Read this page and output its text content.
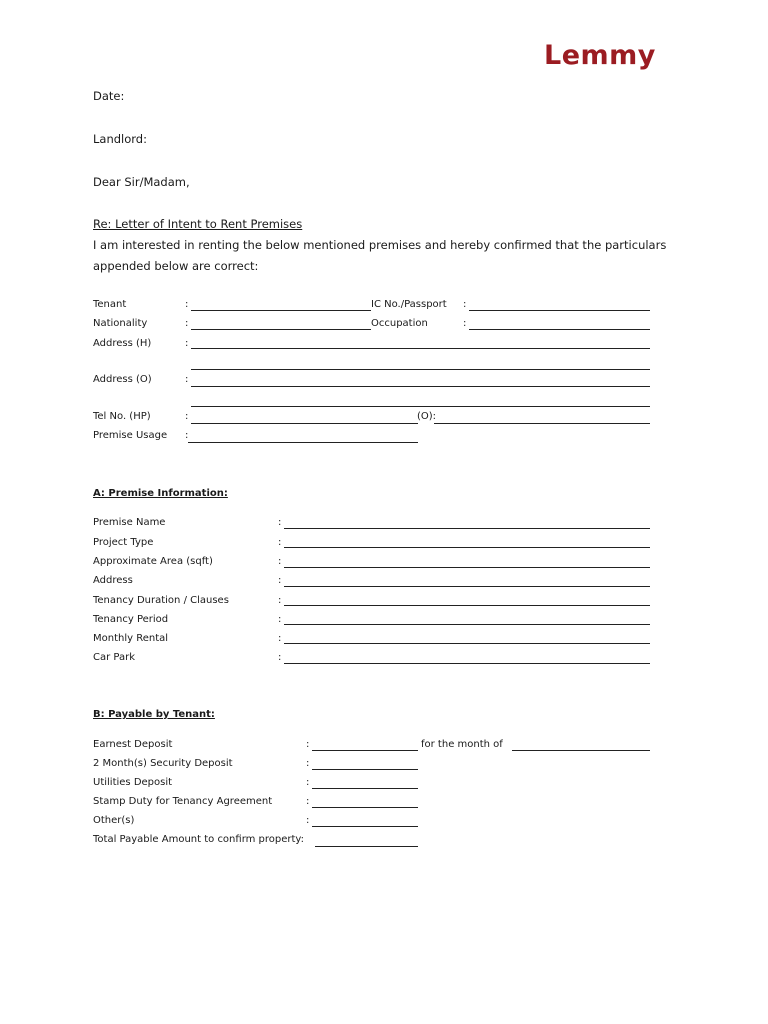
Lemmy
Date:
Landlord:
Dear Sir/Madam,
Re: Letter of Intent to Rent Premises
I am interested in renting the below mentioned premises and hereby confirmed that the particulars
appended below are correct:
Tenant	:	IC No./Passport :
Nationality	:	Occupation	:
Address (H)	:
Address (O)	:
Tel No. (HP)	:	(O):
Premise Usage :
A: Premise Information:
Premise Name	:
Project Type	:
Approximate Area (sqft)	:
Address	:
Tenancy Duration / Clauses	:
Tenancy Period	:
Monthly Rental	:
Car Park	:
B: Payable by Tenant:
Earnest Deposit	:	for the month of
2 Month(s) Security Deposit	:
Utilities Deposit	:
Stamp Duty for Tenancy Agreement	:
Other(s)	:
Total Payable Amount to confirm property:
